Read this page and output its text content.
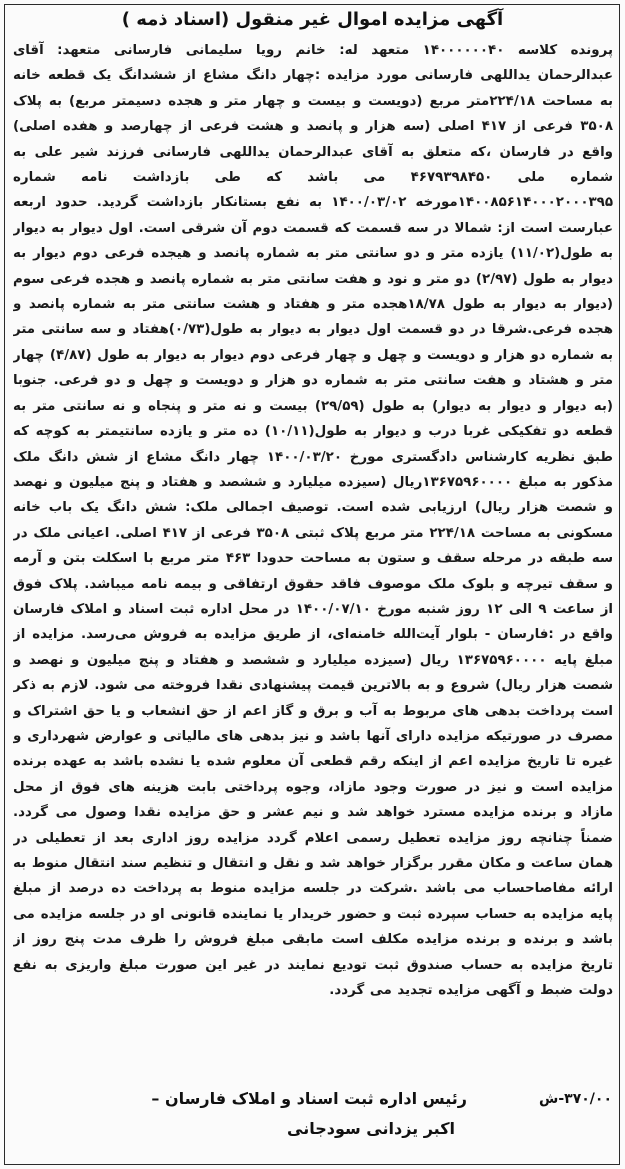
آگهی مزایده اموال غیر منقول (اسناد ذمه )
پرونده کلاسه ۱۴۰۰۰۰۰۰۴۰ متعهد له: خانم رویا سلیمانی فارسانی متعهد: آقای عبدالرحمان یداللهی فارسانی مورد مزایده :چهار دانگ مشاع از ششدانگ یک قطعه خانه به مساحت ۲۲۴/۱۸متر مربع (دویست و بیست و چهار متر و هجده دسیمتر مربع) به پلاک ۳۵۰۸ فرعی از ۴۱۷ اصلی (سه هزار و پانصد و هشت فرعی از چهارصد و هفده اصلی) واقع در فارسان ،که متعلق به آقای عبدالرحمان یداللهی فارسانی فرزند شیر علی به شماره ملی ۴۶۷۹۳۹۸۴۵۰ می باشد که طی بازداشت نامه شماره ۱۴۰۰۸۵۶۱۴۰۰۰۲۰۰۰۳۹۵مورخه ۱۴۰۰/۰۳/۰۲ به نفع بستانکار بازداشت گردید. حدود اربعه عبارست است از: شمالا در سه قسمت که قسمت دوم آن شرقی است. اول دیوار به دیوار به طول(۱۱/۰۲) یازده متر و دو سانتی متر به شماره پانصد و هیجده فرعی دوم دیوار به دیوار به طول (۲/۹۷) دو متر و نود و هفت سانتی متر به شماره پانصد و هجده فرعی سوم (دیوار به دیوار به طول ۱۸/۷۸هجده متر و هفتاد و هشت سانتی متر به شماره پانصد و هجده فرعی.شرقا در دو قسمت اول دیوار به دیوار به طول(۰/۷۳)هفتاد و سه سانتی متر به شماره دو هزار و دویست و چهل و چهار فرعی دوم دیوار به دیوار به طول (۴/۸۷) چهار متر و هشتاد و هفت سانتی متر به شماره دو هزار و دویست و چهل و دو فرعی. جنوبا (به دیوار و دیوار به دیوار) به طول (۲۹/۵۹) بیست و نه متر و پنجاه و نه سانتی متر به قطعه دو تفکیکی غربا درب و دیوار به طول(۱۰/۱۱) ده متر و یازده سانتیمتر به کوچه که طبق نظریه کارشناس دادگستری مورخ ۱۴۰۰/۰۳/۲۰ چهار دانگ مشاع از شش دانگ ملک مذکور به مبلغ ۱۳۶۷۵۹۶۰۰۰۰ریال (سیزده میلیارد و ششصد و هفتاد و پنج میلیون و نهصد و شصت هزار ریال) ارزیابی شده است. توصیف اجمالی ملک: شش دانگ یک باب خانه مسکونی به مساحت ۲۲۴/۱۸ متر مربع پلاک ثبتی ۳۵۰۸ فرعی از ۴۱۷ اصلی. اعیانی ملک در سه طبقه در مرحله سقف و ستون به مساحت حدودا ۴۶۳ متر مربع با اسکلت بتن و آرمه و سقف تیرچه و بلوک ملک موصوف فاقد حقوق ارتفاقی و بیمه نامه میباشد. پلاک فوق از ساعت ۹ الی ۱۲ روز شنبه مورخ ۱۴۰۰/۰۷/۱۰ در محل اداره ثبت اسناد و املاک فارسان واقع در :فارسان - بلوار آیت‌الله خامنه‌ای، از طریق مزایده به فروش می‌رسد. مزایده از مبلغ پایه ۱۳۶۷۵۹۶۰۰۰۰ ریال (سیزده میلیارد و ششصد و هفتاد و پنج میلیون و نهصد و شصت هزار ریال) شروع و به بالاترین قیمت پیشنهادی نقدا فروخته می شود. لازم به ذکر است پرداخت بدهی های مربوط به آب و برق و گاز اعم از حق انشعاب و یا حق اشتراک و مصرف در صورتیکه مزایده دارای آنها باشد و نیز بدهی های مالیاتی و عوارض شهرداری و غیره تا تاریخ مزایده اعم از اینکه رقم قطعی آن معلوم شده یا نشده باشد به عهده برنده مزایده است و نیز در صورت وجود مازاد، وجوه پرداختی بابت هزینه های فوق از محل مازاد و برنده مزایده مسترد خواهد شد و نیم عشر و حق مزایده نقدا وصول می گردد. ضمناً چنانچه روز مزایده تعطیل رسمی اعلام گردد مزایده روز اداری بعد از تعطیلی در همان ساعت و مکان مقرر برگزار خواهد شد و نقل و انتقال و تنظیم سند انتقال منوط به ارائه مفاصاحساب می باشد .شرکت در جلسه مزایده منوط به پرداخت ده درصد از مبلغ پایه مزایده به حساب سپرده ثبت و حضور خریدار یا نماینده قانونی او در جلسه مزایده می باشد و برنده و برنده مزایده مکلف است مابقی مبلغ فروش را ظرف مدت پنج روز از تاریخ مزایده به حساب صندوق ثبت تودیع نمایند در غیر این صورت مبلغ واریزی به نفع دولت ضبط و آگهی مزایده تجدید می گردد.
رئیس اداره ثبت اسناد و املاک فارسان –	۳۷۰/۰۰-ش
اکبر یزدانی سودجانی
